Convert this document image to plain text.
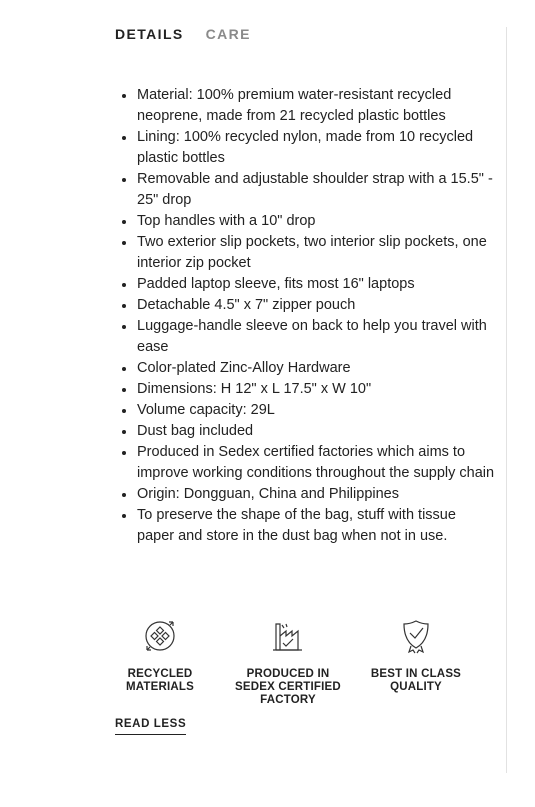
DETAILS CARE
Material: 100% premium water-resistant recycled neoprene, made from 21 recycled plastic bottles
Lining: 100% recycled nylon, made from 10 recycled plastic bottles
Removable and adjustable shoulder strap with a 15.5" - 25" drop
Top handles with a 10" drop
Two exterior slip pockets, two interior slip pockets, one interior zip pocket
Padded laptop sleeve, fits most 16" laptops
Detachable 4.5" x 7" zipper pouch
Luggage-handle sleeve on back to help you travel with ease
Color-plated Zinc-Alloy Hardware
Dimensions: H 12" x L 17.5" x W 10"
Volume capacity: 29L
Dust bag included
Produced in Sedex certified factories which aims to improve working conditions throughout the supply chain
Origin: Dongguan, China and Philippines
To preserve the shape of the bag, stuff with tissue paper and store in the dust bag when not in use.
RECYCLED MATERIALS
PRODUCED IN SEDEX CERTIFIED FACTORY
BEST IN CLASS QUALITY
READ LESS
